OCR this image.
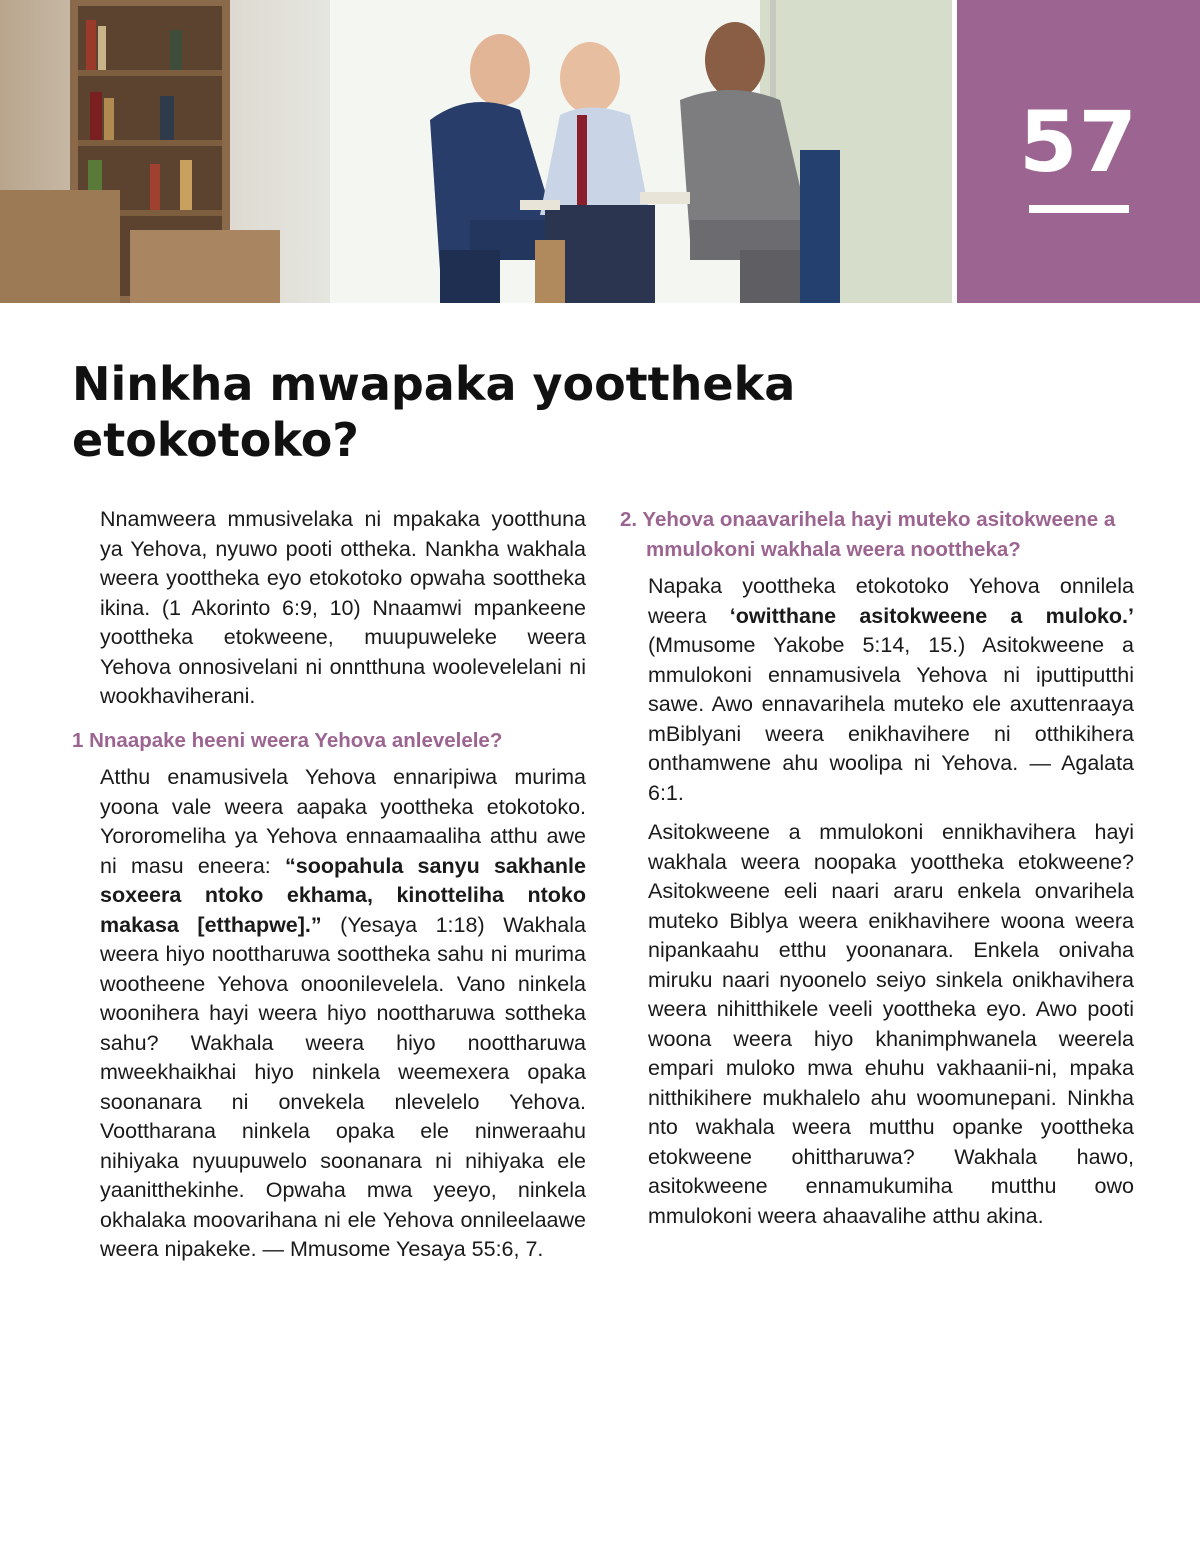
57
Ninkha mwapaka yoottheka etokotoko?

Nnamweera mmusivelaka ni mpakaka yootthuna ya Yehova, nyuwo pooti ottheka. Nankha wakhala weera yoottheka eyo etokotoko opwaha soottheka ikina. (1 Akorinto 6:9, 10) Nnaamwi mpankeene yoottheka etokweene, muupuweleke weera Yehova onnosivelani ni onntthuna woolevelelani ni wookhaviherani.

1 Nnaapake heeni weera Yehova anlevelele?

Atthu enamusivela Yehova ennaripiwa murima yoona vale weera aapaka yoottheka etokotoko. Yororomeliha ya Yehova ennaamaaliha atthu awe ni masu eneera: “soopahula sanyu sakhanle soxeera ntoko ekhama, kinotteliha ntoko makasa [etthapwe].” (Yesaya 1:18) Wakhala weera hiyo noottharuwa soottheka sahu ni murima wootheene Yehova onoonilevelela. Vano ninkela woonihera hayi weera hiyo noottharuwa sottheka sahu? Wakhala weera hiyo noottharuwa mweekhaikhai hiyo ninkela weemexera opaka soonanara ni onvekela nlevelelo Yehova. Voottharana ninkela opaka ele ninweraahu nihiyaka nyuupuwelo soonanara ni nihiyaka ele yaanitthekinhe. Opwaha mwa yeeyo, ninkela okhalaka moovarihana ni ele Yehova onnileelaawe weera nipakeke. — Mmusome Yesaya 55:6, 7.

2. Yehova onaavarihela hayi muteko asitokweene a mmulokoni wakhala weera noottheka?

Napaka yoottheka etokotoko Yehova onnilela weera ‘owitthane asitokweene a muloko.’ (Mmusome Yakobe 5:14, 15.) Asitokweene a mmulokoni ennamusivela Yehova ni iputtiputthi sawe. Awo ennavarihela muteko ele axuttenraaya mBiblyani weera enikhavihere ni otthikihera onthamwene ahu woolipa ni Yehova. — Agalata 6:1.

Asitokweene a mmulokoni ennikhavihera hayi wakhala weera noopaka yoottheka etokweene? Asitokweene eeli naari araru enkela onvarihela muteko Biblya weera enikhavihere woona weera nipankaahu etthu yoonanara. Enkela onivaha miruku naari nyoonelo seiyo sinkela onikhavihera weera nihitthikele veeli yoottheka eyo. Awo pooti woona weera hiyo khanimphwanela weerela empari muloko mwa ehuhu vakhaanii-ni, mpaka nitthikihere mukhalelo ahu woomunepani. Ninkha nto wakhala weera mutthu opanke yoottheka etokweene ohittharuwa? Wakhala hawo, asitokweene ennamukumiha mutthu owo mmulokoni weera ahaavalihe atthu akina.
